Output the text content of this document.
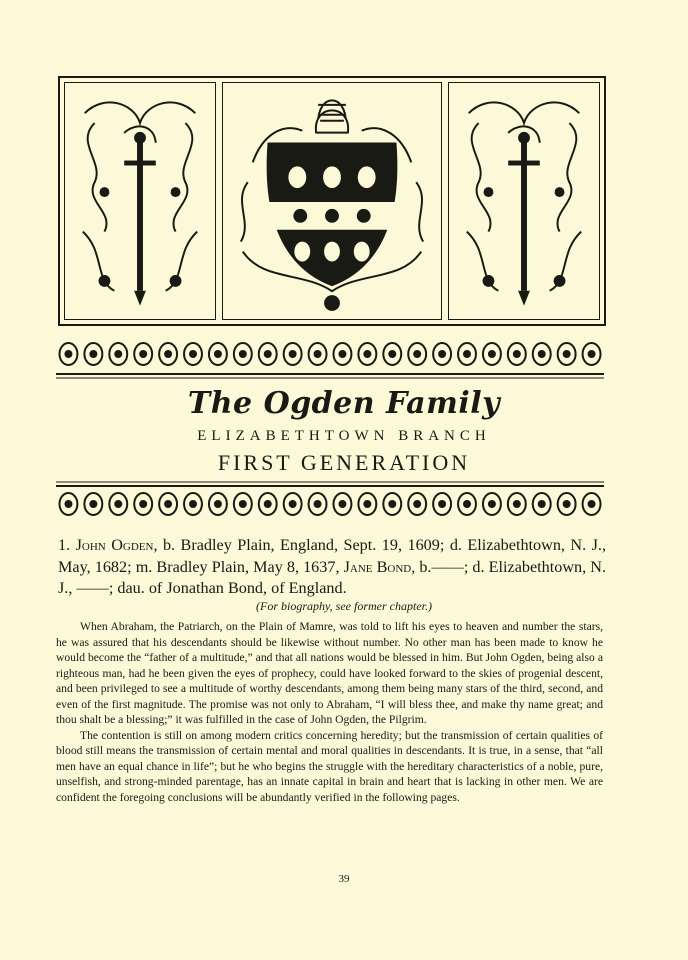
The Ogden Family
ELIZABETHTOWN BRANCH
FIRST GENERATION
1. John Ogden, b. Bradley Plain, England, Sept. 19, 1609; d. Elizabethtown, N. J., May, 1682; m. Bradley Plain, May 8, 1637, Jane Bond, b.——; d. Elizabethtown, N. J., ——; dau. of Jonathan Bond, of England.
(For biography, see former chapter.)

When Abraham, the Patriarch, on the Plain of Mamre, was told to lift his eyes to heaven and number the stars, he was assured that his descendants should be likewise without number. No other man has been made to know he would become the “father of a multitude,” and that all nations would be blessed in him. But John Ogden, being also a righteous man, had he been given the eyes of prophecy, could have looked forward to the skies of progenial descent, and been privileged to see a multitude of worthy descendants, among them being many stars of the third, second, and even of the first magnitude. The promise was not only to Abraham, “I will bless thee, and make thy name great; and thou shalt be a blessing;” it was fulfilled in the case of John Ogden, the Pilgrim.

The contention is still on among modern critics concerning heredity; but the transmission of certain qualities of blood still means the transmission of certain mental and moral qualities in descendants. It is true, in a sense, that “all men have an equal chance in life”; but he who begins the struggle with the hereditary characteristics of a noble, pure, unselfish, and strong-minded parentage, has an innate capital in brain and heart that is lacking in other men. We are confident the foregoing conclusions will be abundantly verified in the following pages.

39
